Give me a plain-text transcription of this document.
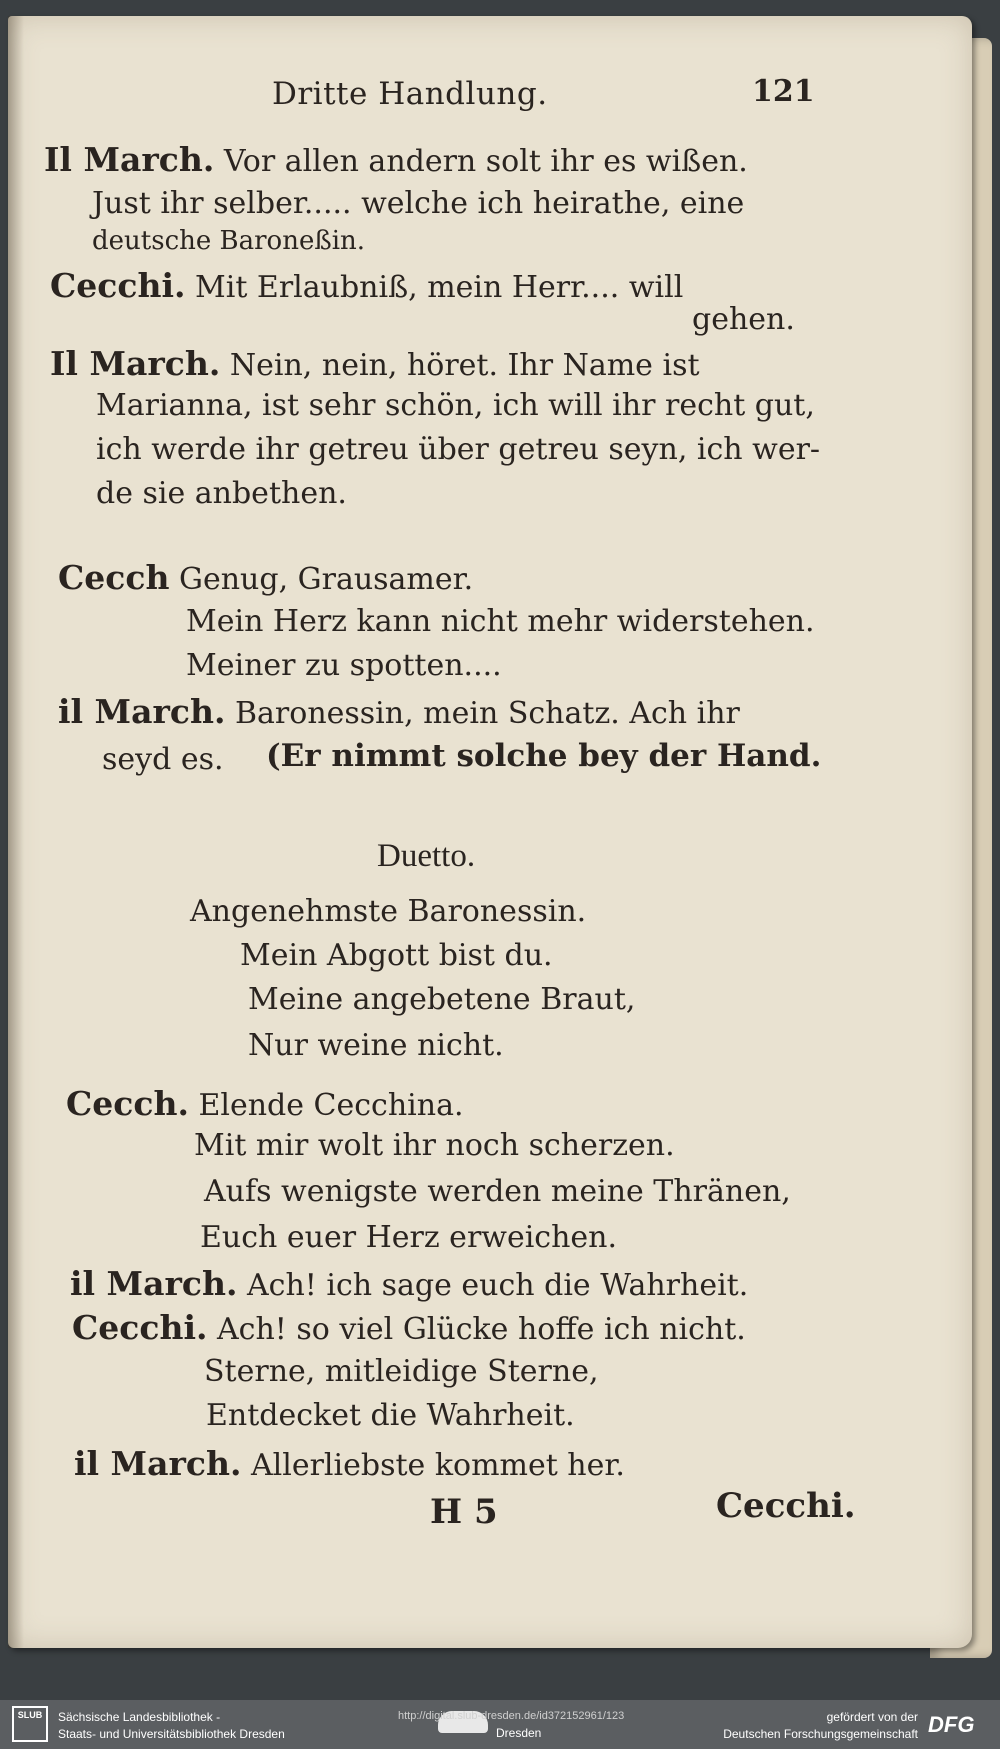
Dritte Handlung.	121
Il March. Vor allen andern solt ihr es wißen.
Just ihr selber..... welche ich heirathe, eine
deutsche Baroneßin.
Cecchi. Mit Erlaubniß, mein Herr.... will
gehen.
Il March. Nein, nein, höret. Ihr Name ist
Marianna, ist sehr schön, ich will ihr recht gut,
ich werde ihr getreu über getreu seyn, ich wer-
de sie anbethen.
Cecch Genug, Grausamer.
Mein Herz kann nicht mehr widerstehen.
Meiner zu spotten....
il March. Baronessin, mein Schatz. Ach ihr
seyd es. (Er nimmt solche bey der Hand.
Duetto.
Angenehmste Baronessin.
Mein Abgott bist du.
Meine angebetene Braut,
Nur weine nicht.
Cecch. Elende Cecchina.
Mit mir wolt ihr noch scherzen.
Aufs wenigste werden meine Thränen,
Euch euer Herz erweichen.
il March. Ach! ich sage euch die Wahrheit.
Cecchi. Ach! so viel Glücke hoffe ich nicht.
Sterne, mitleidige Sterne,
Entdecket die Wahrheit.
il March. Allerliebste kommet her.
H 5	Cecchi.
SLUB	Sächsische Landesbibliothek -
Staats- und Universitätsbibliothek Dresden
http://digital.slub-dresden.de/id372152961/123
Dresden
gefördert von der
Deutschen Forschungsgemeinschaft DFG
